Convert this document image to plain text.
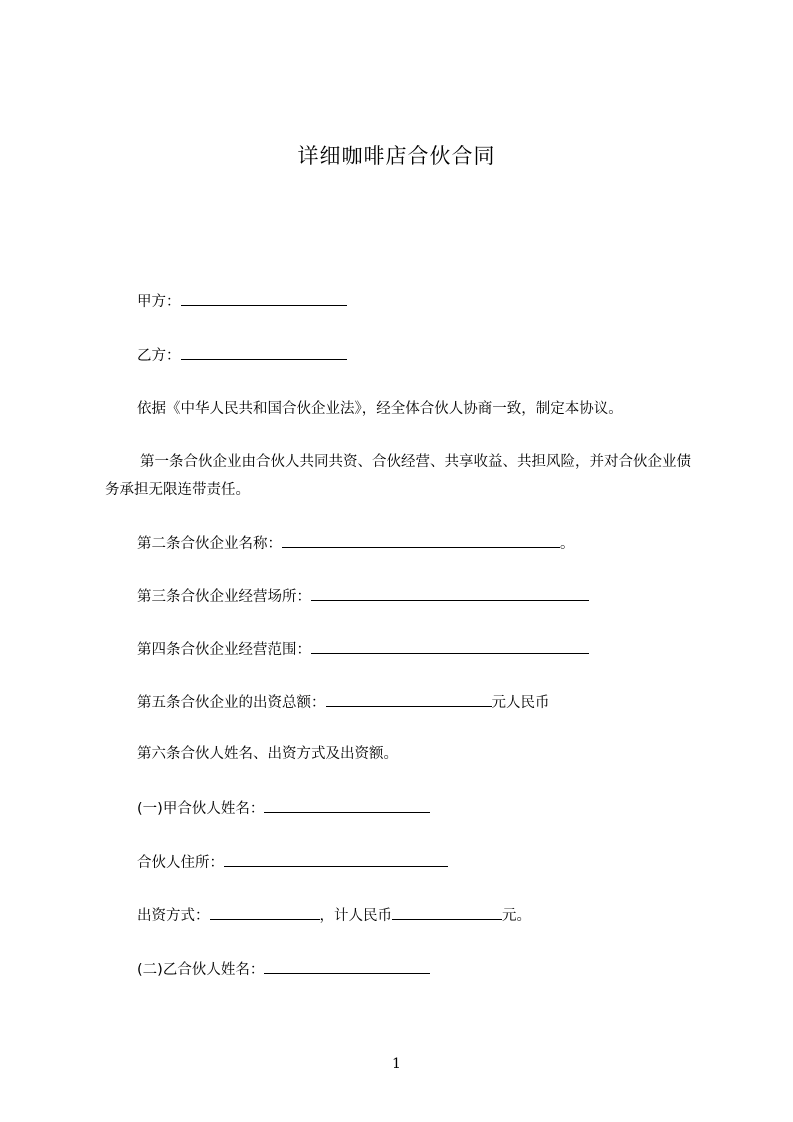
详细咖啡店合伙合同
甲方：
乙方：
依据《中华人民共和国合伙企业法》，经全体合伙人协商一致，制定本协议。
第一条合伙企业由合伙人共同共资、合伙经营、共享收益、共担风险，并对合伙企业债务承担无限连带责任。
第二条合伙企业名称：	。
第三条合伙企业经营场所：
第四条合伙企业经营范围：
第五条合伙企业的出资总额：	元人民币
第六条合伙人姓名、出资方式及出资额。
(一)甲合伙人姓名：
合伙人住所：
出资方式：	，计人民币	元。
(二)乙合伙人姓名：
1
